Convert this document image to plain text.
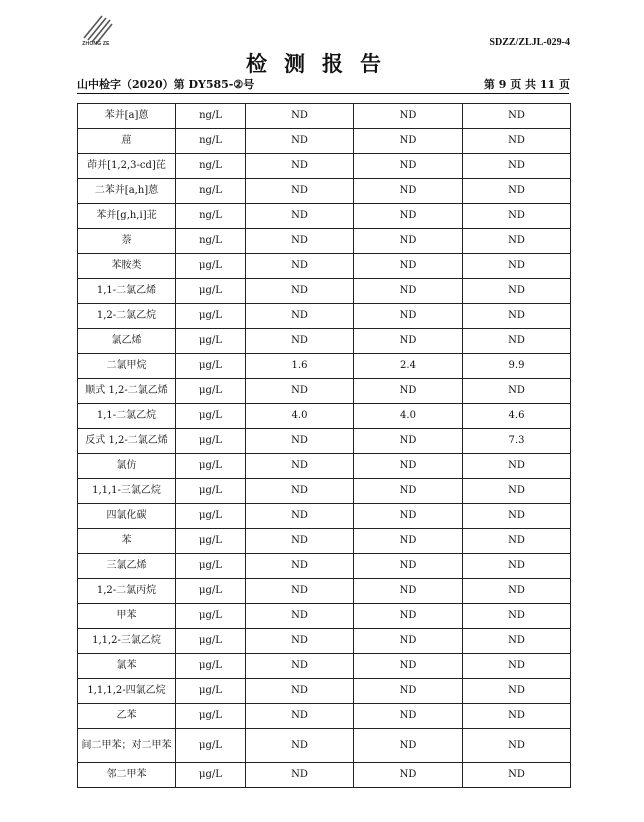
ZHONG ZE	SDZZ/ZLJL-029-4
检测报告
山中检字（2020）第 DY585-②号	第 9 页 共 11 页
苯并[a]蒽	ng/L	ND	ND	ND
䓛	ng/L	ND	ND	ND
茚并[1,2,3-cd]芘	ng/L	ND	ND	ND
二苯并[a,h]蒽	ng/L	ND	ND	ND
苯并[g,h,i]苝	ng/L	ND	ND	ND
萘	ng/L	ND	ND	ND
苯胺类	μg/L	ND	ND	ND
1,1-二氯乙烯	μg/L	ND	ND	ND
1,2-二氯乙烷	μg/L	ND	ND	ND
氯乙烯	μg/L	ND	ND	ND
二氯甲烷	μg/L	1.6	2.4	9.9
顺式 1,2-二氯乙烯	μg/L	ND	ND	ND
1,1-二氯乙烷	μg/L	4.0	4.0	4.6
反式 1,2-二氯乙烯	μg/L	ND	ND	7.3
氯仿	μg/L	ND	ND	ND
1,1,1-三氯乙烷	μg/L	ND	ND	ND
四氯化碳	μg/L	ND	ND	ND
苯	μg/L	ND	ND	ND
三氯乙烯	μg/L	ND	ND	ND
1,2-二氯丙烷	μg/L	ND	ND	ND
甲苯	μg/L	ND	ND	ND
1,1,2-三氯乙烷	μg/L	ND	ND	ND
氯苯	μg/L	ND	ND	ND
1,1,1,2-四氯乙烷	μg/L	ND	ND	ND
乙苯	μg/L	ND	ND	ND
间二甲苯；对二甲苯	μg/L	ND	ND	ND
邻二甲苯	μg/L	ND	ND	ND
